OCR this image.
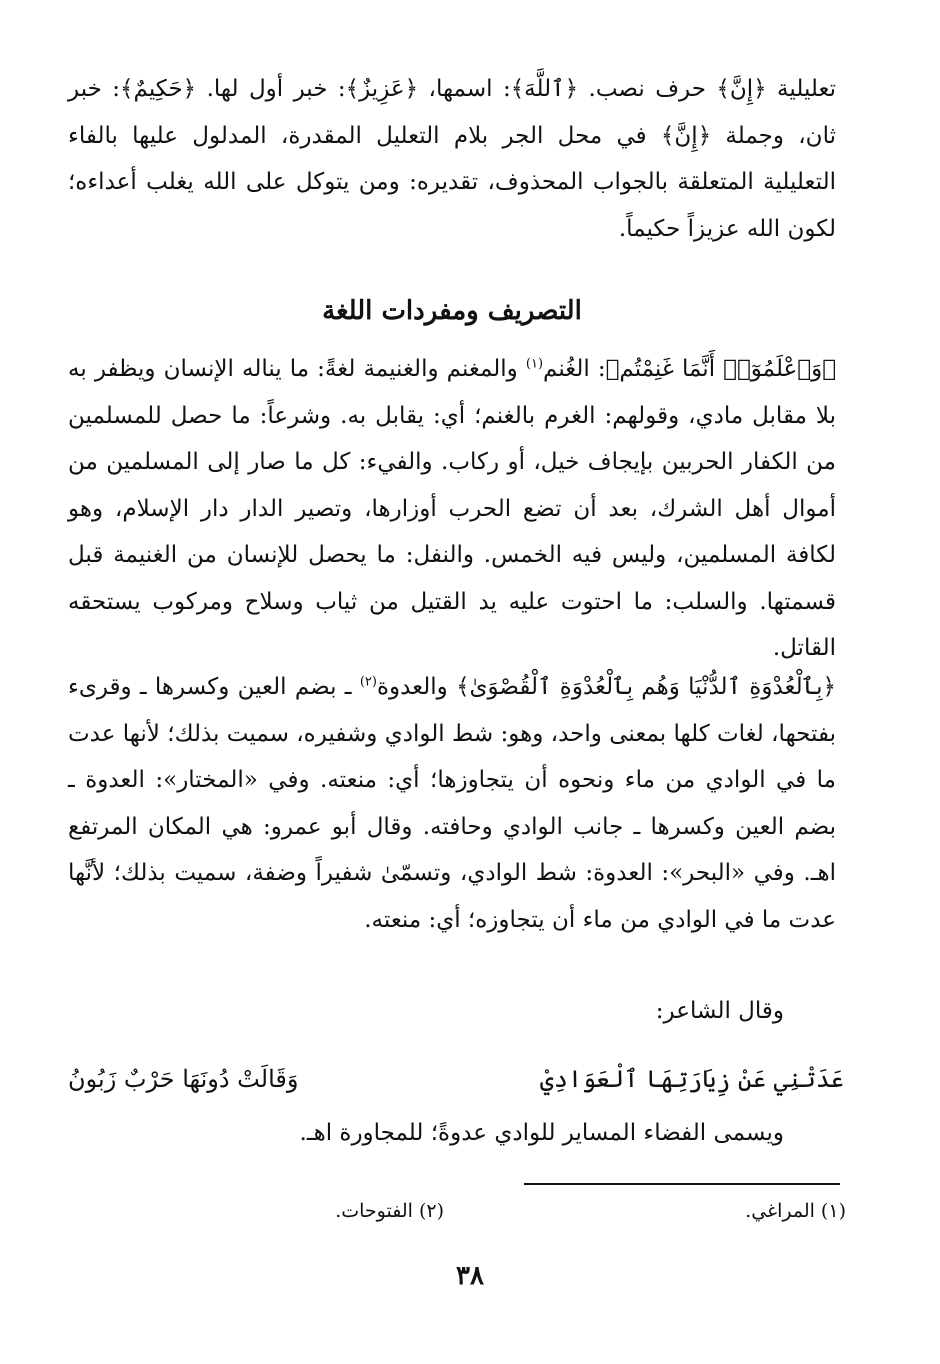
تعليلية ﴿إِنَّ﴾ حرف نصب. ﴿ٱللَّهَ﴾: اسمها، ﴿عَزِيزٌ﴾: خبر أول لها. ﴿حَكِيمٌ﴾: خبر ثان، وجملة ﴿إِنَّ﴾ في محل الجر بلام التعليل المقدرة، المدلول عليها بالفاء التعليلية المتعلقة بالجواب المحذوف، تقديره: ومن يتوكل على الله يغلب أعداءه؛ لكون الله عزيزاً حكيماً.

التصريف ومفردات اللغة

﴿وَٱعْلَمُوٓا۟ أَنَّمَا غَنِمْتُم﴾: الغُنم$^{(١)}$ والمغنم والغنيمة لغةً: ما يناله الإنسان ويظفر به بلا مقابل مادي، وقولهم: الغرم بالغنم؛ أي: يقابل به. وشرعاً: ما حصل للمسلمين من الكفار الحربين بإيجاف خيل، أو ركاب. والفيء: كل ما صار إلى المسلمين من أموال أهل الشرك، بعد أن تضع الحرب أوزارها، وتصير الدار دار الإسلام، وهو لكافة المسلمين، وليس فيه الخمس. والنفل: ما يحصل للإنسان من الغنيمة قبل قسمتها. والسلب: ما احتوت عليه يد القتيل من ثياب وسلاح ومركوب يستحقه القاتل.

﴿بِٱلْعُدْوَةِ ٱلدُّنْيَا وَهُم بِٱلْعُدْوَةِ ٱلْقُصْوَىٰ﴾ والعدوة$^{(٢)}$ ـ بضم العين وكسرها ـ وقرىء بفتحها، لغات كلها بمعنى واحد، وهو: شط الوادي وشفيره، سميت بذلك؛ لأنها عدت ما في الوادي من ماء ونحوه أن يتجاوزها؛ أي: منعته. وفي «المختار»: العدوة ـ بضم العين وكسرها ـ جانب الوادي وحافته. وقال أبو عمرو: هي المكان المرتفع اهـ. وفي «البحر»: العدوة: شط الوادي، وتسمّىٰ شفيراً وضفة، سميت بذلك؛ لأنَّها عدت ما في الوادي من ماء أن يتجاوزه؛ أي: منعته.

وقال الشاعر:

عَدَتْنِي عَنْ زِيَارَتِهَا ٱلْعَوَادِيْ
وَقَالَتْ دُونَهَا حَرْبٌ زَبُونُ

ويسمى الفضاء المساير للوادي عدوةً؛ للمجاورة اهـ.

(١) المراغي.
(٢) الفتوحات.
٣٨
